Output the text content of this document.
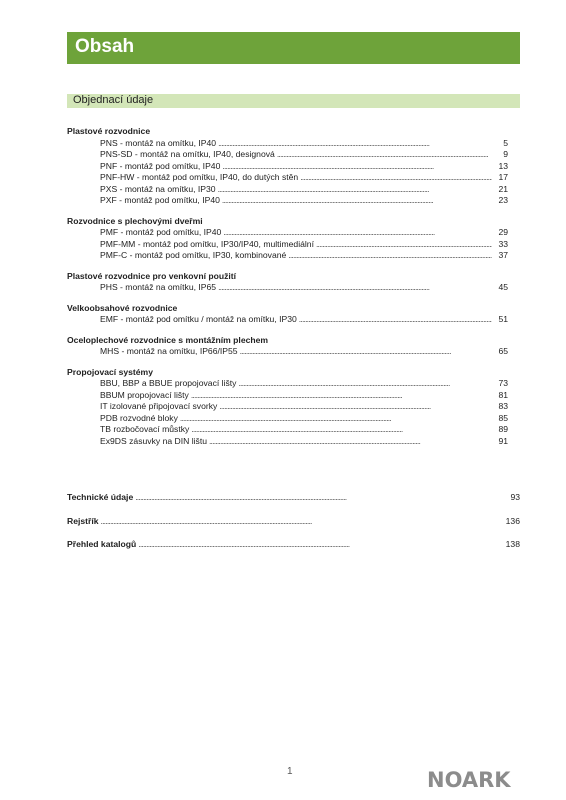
Obsah
Objednací údaje
Plastové rozvodnice
PNS - montáž na omítku, IP40 . . .	5
PNS-SD - montáž na omítku, IP40, designová . . .	9
PNF - montáž pod omítku, IP40 . . .	13
PNF-HW - montáž pod omítku, IP40, do dutých stěn . . .	17
PXS - montáž na omítku, IP30 . . .	21
PXF - montáž pod omítku, IP40 . . .	23
Rozvodnice s plechovými dveřmi
PMF - montáž pod omítku, IP40 . . .	29
PMF-MM - montáž pod omítku, IP30/IP40, multimediální . . .	33
PMF-C - montáž pod omítku, IP30, kombinované . . .	37
Plastové rozvodnice pro venkovní použití
PHS - montáž na omítku, IP65 . . .	45
Velkoobsahové rozvodnice
EMF - montáž pod omítku / montáž na omítku, IP30 . . .	51
Oceloplechové rozvodnice s montážním plechem
MHS - montáž na omítku, IP66/IP55 . . .	65
Propojovací systémy
BBU, BBP a BBUE propojovací lišty . . .	73
BBUM propojovací lišty . . .	81
IT izolované připojovací svorky . . .	83
PDB rozvodné bloky . . .	85
TB rozbočovací můstky . . .	89
Ex9DS zásuvky na DIN lištu . . .	91
Technické údaje . . .	93
Rejstřík . . .	136
Přehled katalogů . . .	138
1	NOARK
